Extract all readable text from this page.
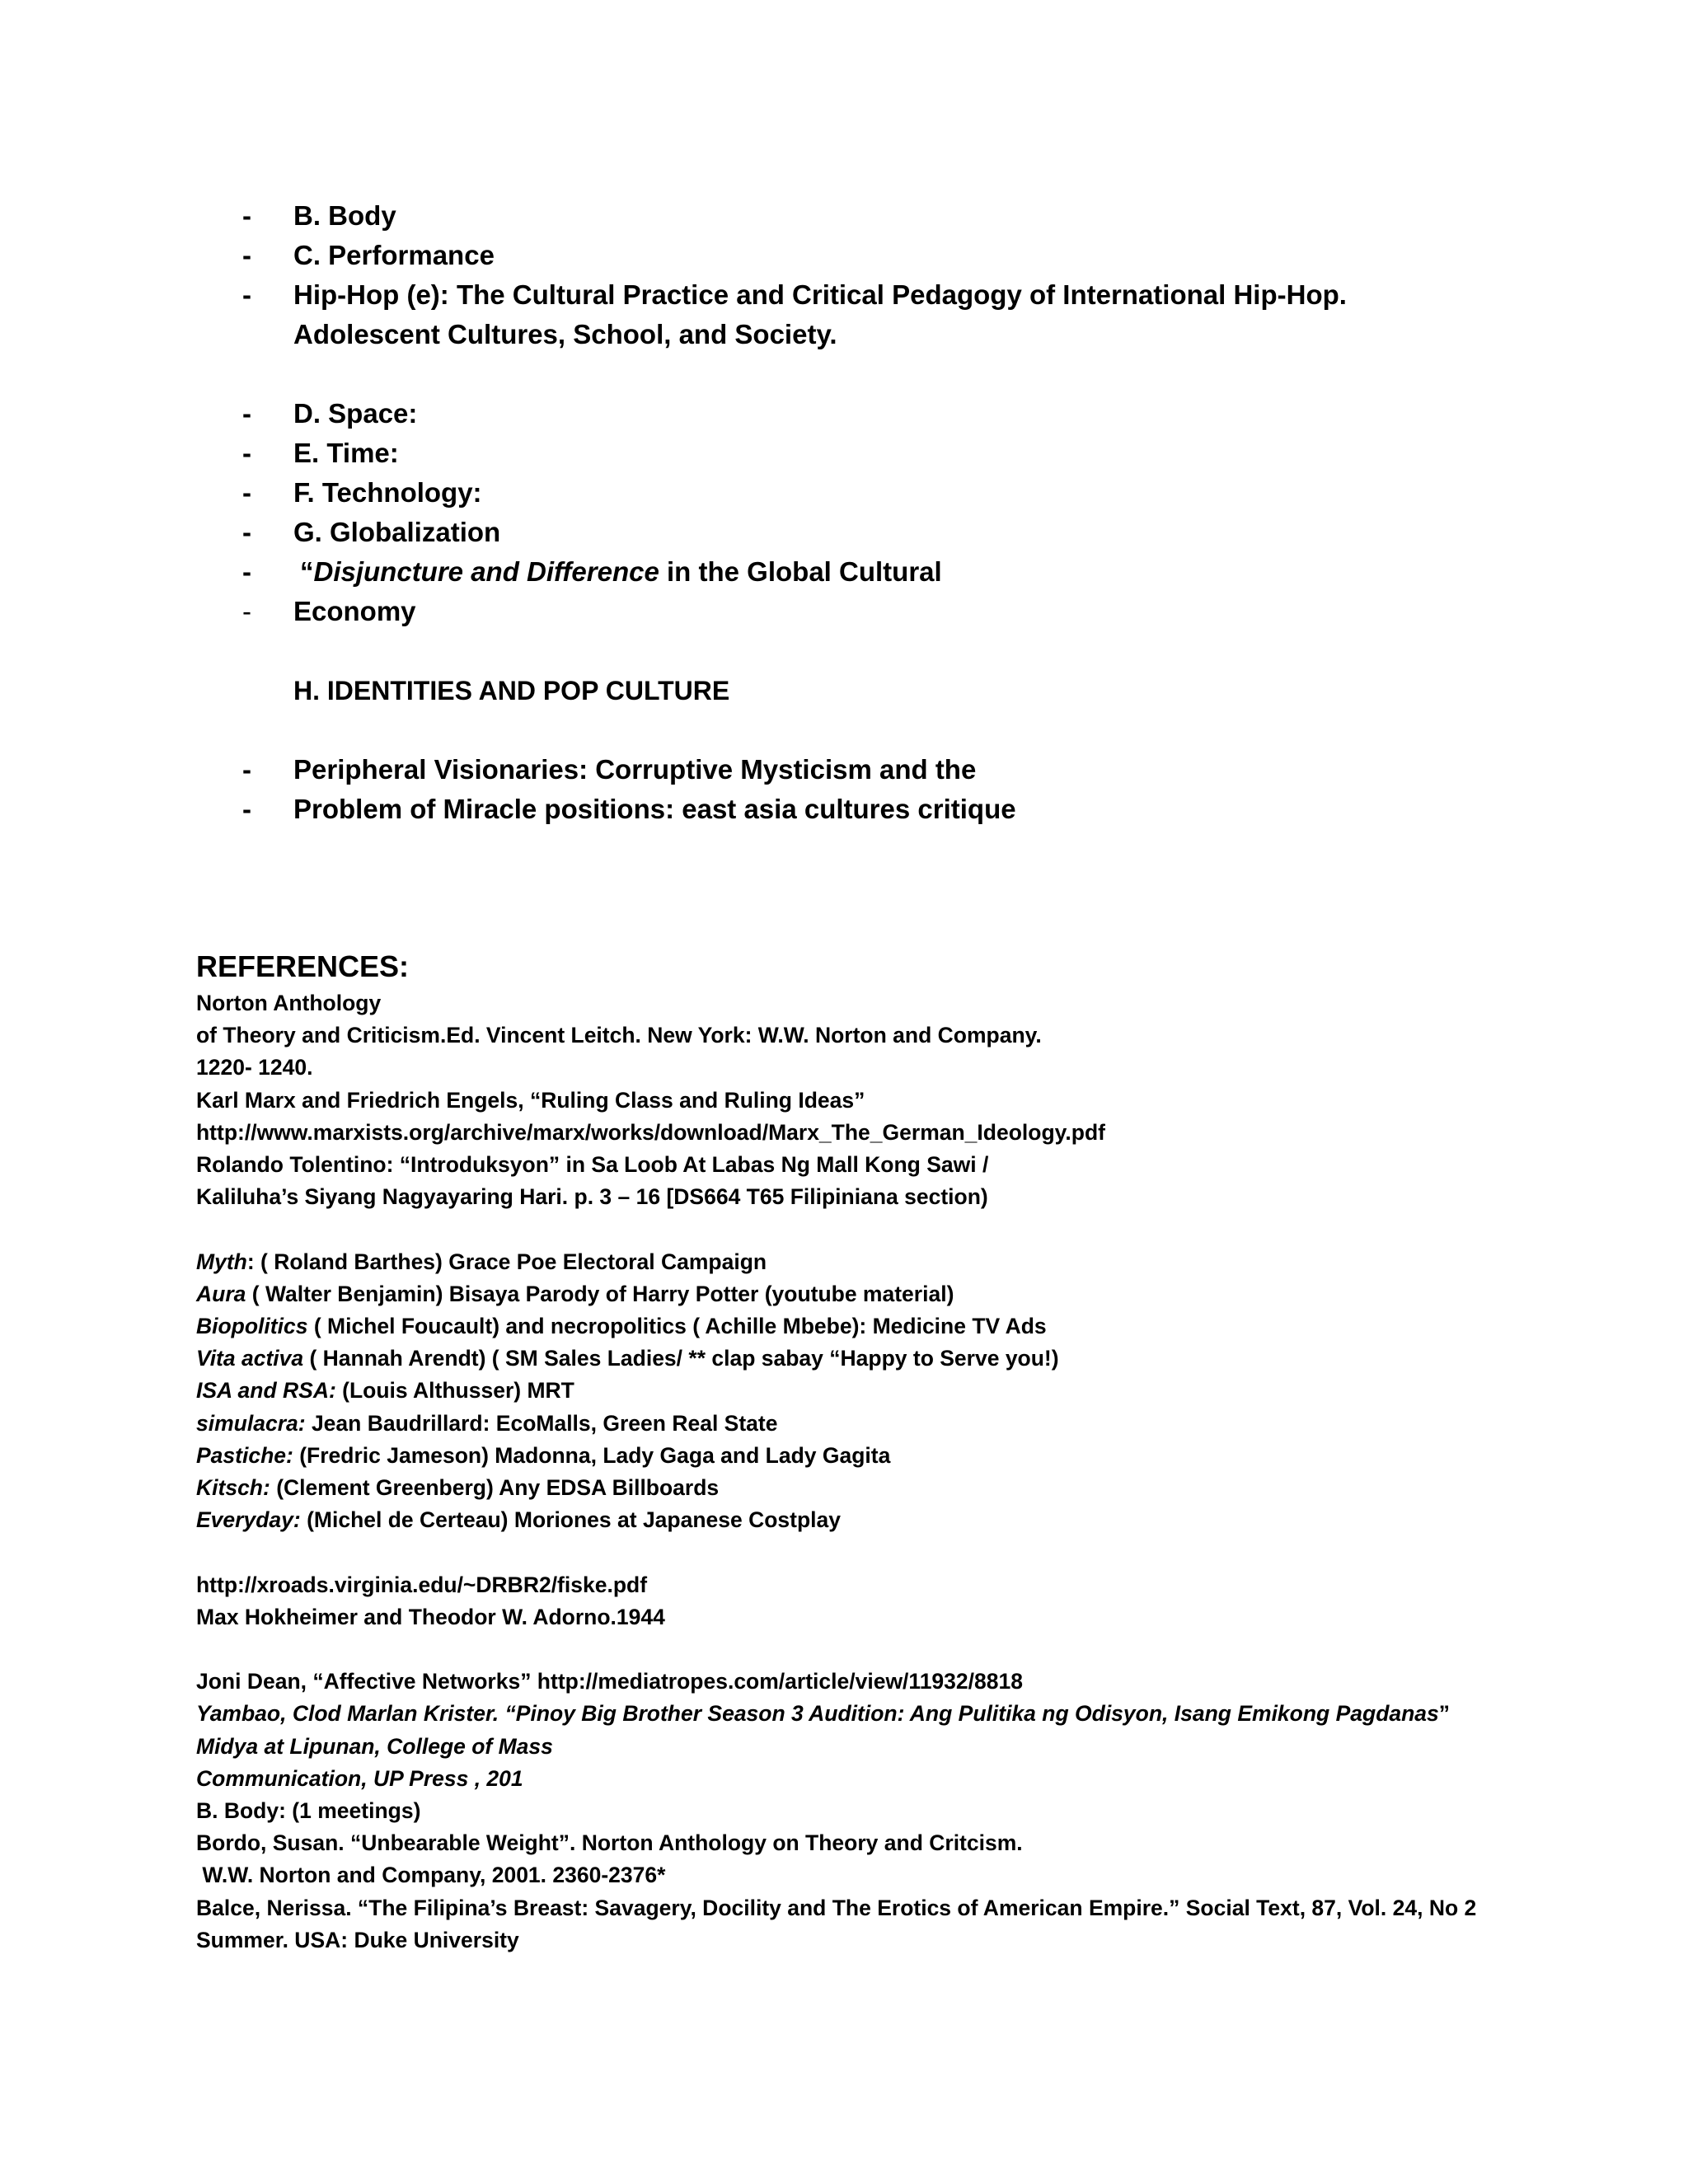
-	B. Body
-	C. Performance
-	Hip-Hop (e): The Cultural Practice and Critical Pedagogy of International Hip-Hop. Adolescent Cultures, School, and Society.
-	D. Space:
-	E. Time:
-	F. Technology:
-	G. Globalization
-	“Disjuncture and Difference in the Global Cultural
-	Economy
H. IDENTITIES AND POP CULTURE
-	Peripheral Visionaries: Corruptive Mysticism and the
-	Problem of Miracle positions: east asia cultures critique
REFERENCES:
Norton Anthology
of Theory and Criticism.Ed. Vincent Leitch. New York: W.W. Norton and Company.
1220- 1240.
Karl Marx and Friedrich Engels, “Ruling Class and Ruling Ideas”
http://www.marxists.org/archive/marx/works/download/Marx_The_German_Ideology.pdf
Rolando Tolentino: “Introduksyon” in Sa Loob At Labas Ng Mall Kong Sawi /
Kaliluha’s Siyang Nagyayaring Hari. p. 3 – 16 [DS664 T65 Filipiniana section)
Myth: ( Roland Barthes) Grace Poe Electoral Campaign
Aura ( Walter Benjamin) Bisaya Parody of Harry Potter (youtube material)
Biopolitics ( Michel Foucault) and necropolitics ( Achille Mbebe): Medicine TV Ads
Vita activa ( Hannah Arendt) ( SM Sales Ladies/ ** clap sabay “Happy to Serve you!)
ISA and RSA: (Louis Althusser) MRT
simulacra: Jean Baudrillard: EcoMalls, Green Real State
Pastiche: (Fredric Jameson) Madonna, Lady Gaga and Lady Gagita
Kitsch: (Clement Greenberg) Any EDSA Billboards
Everyday: (Michel de Certeau) Moriones at Japanese Costplay
http://xroads.virginia.edu/~DRBR2/fiske.pdf
Max Hokheimer and Theodor W. Adorno.1944
Joni Dean, “Affective Networks” http://mediatropes.com/article/view/11932/8818
Yambao, Clod Marlan Krister. “Pinoy Big Brother Season 3 Audition: Ang Pulitika ng Odisyon, Isang Emikong Pagdanas”
Midya at Lipunan, College of Mass
Communication, UP Press , 201
B. Body: (1 meetings)
Bordo, Susan. “Unbearable Weight”. Norton Anthology on Theory and Critcism.
W.W. Norton and Company, 2001. 2360-2376*
Balce, Nerissa. “The Filipina’s Breast: Savagery, Docility and The Erotics of American Empire.” Social Text, 87, Vol. 24, No 2
Summer. USA: Duke University
